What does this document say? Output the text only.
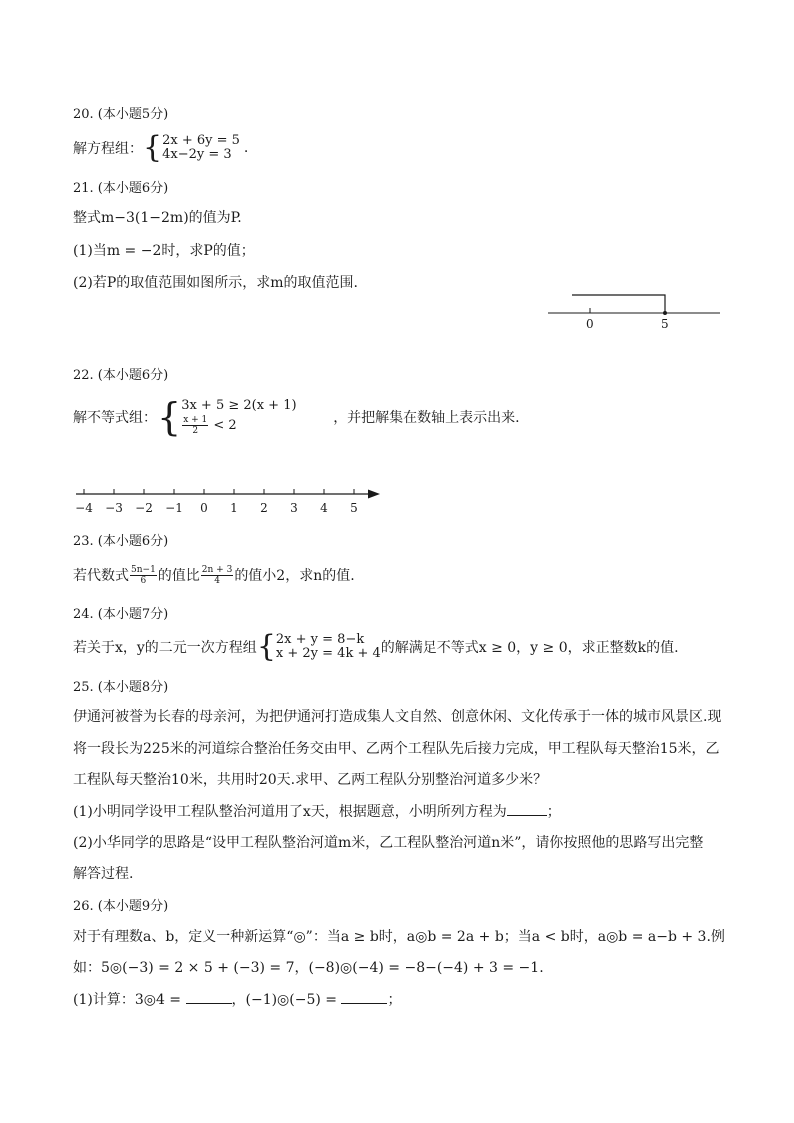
20. (本小题5分)
解方程组： { 2x + 6y = 5
4x−2y = 3 .
21. (本小题6分)
整式m−3(1−2m)的值为P.
(1)当m = −2时，求P的值；
(2)若P的取值范围如图所示，求m的取值范围.
0	5
22. (本小题6分)
解不等式组： { 3x + 5 ≥ 2(x + 1)
$\frac{x + 1}{2} < 2$	，并把解集在数轴上表示出来.
−4 −3 −2 −1 0 1 2 3 4 5
23. (本小题6分)
若代数式 $\frac{5n-1}{6}$ 的值比 $\frac{2n + 3}{4}$ 的值小2，求n的值.
24. (本小题7分)
若关于x，y的二元一次方程组 { 2x + y = 8−k
x + 2y = 4k + 4 的解满足不等式x ≥ 0，y ≥ 0，求正整数k的值.
25. (本小题8分)
伊通河被誉为长春的母亲河，为把伊通河打造成集人文自然、创意休闲、文化传承于一体的城市风景区.现
将一段长为225米的河道综合整治任务交由甲、乙两个工程队先后接力完成，甲工程队每天整治15米，乙
工程队每天整治10米，共用时20天.求甲、乙两工程队分别整治河道多少米？
(1)小明同学设甲工程队整治河道用了x天，根据题意，小明所列方程为	；
(2)小华同学的思路是“设甲工程队整治河道m米，乙工程队整治河道n米”，请你按照他的思路写出完整
解答过程.
26. (本小题9分)
对于有理数a、b，定义一种新运算“◎”：当a ≥ b时，a◎b = 2a + b；当a < b时，a◎b = a−b + 3.例
如：5◎(−3) = 2 × 5 + (−3) = 7，(−8)◎(−4) = −8−(−4) + 3 = −1.
(1)计算：3◎4 =	，(−1)◎(−5) =	；
